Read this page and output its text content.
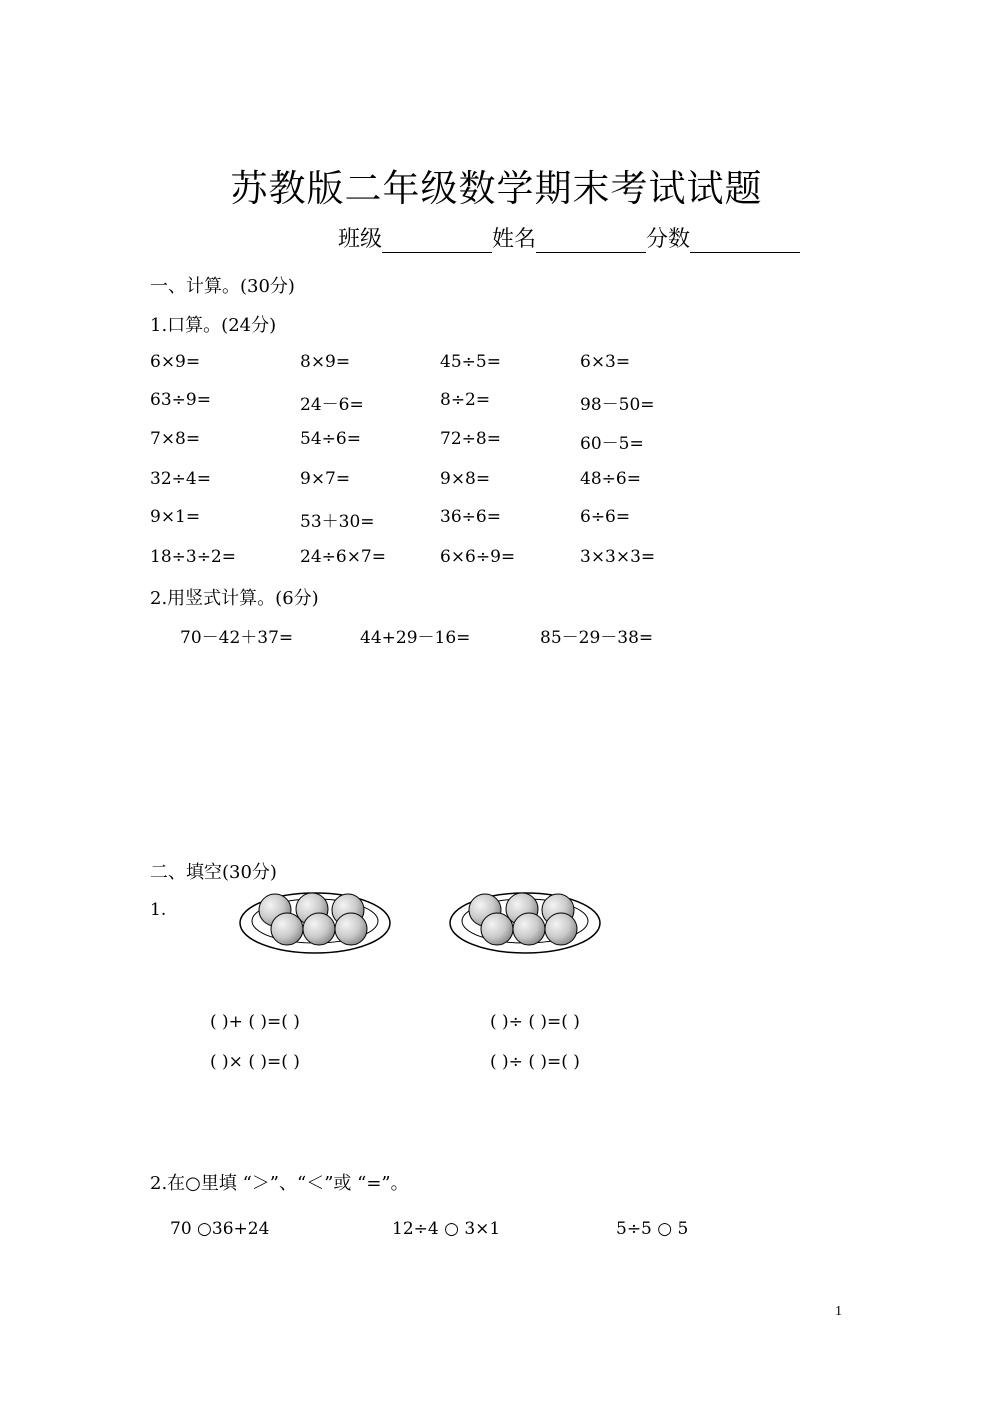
苏教版二年级数学期末考试试题
班级	姓名	分数
一、计算。(30分)
1.口算。(24分)
6×9=	8×9=	45÷5=	6×3=
63÷9=	24－6=	8÷2=	98－50=
7×8=	54÷6=	72÷8=	60－5=
32÷4=	9×7=	9×8=	48÷6=
9×1=	53＋30=	36÷6=	6÷6=
18÷3÷2=	24÷6×7=	6×6÷9=	3×3×3=
2.用竖式计算。(6分)
70－42＋37=	44+29－16=	85－29－38=
二、填空(30分)
1.
( )+ ( )=( )	( )÷ ( )=( )
( )× ( )=( )	( )÷ ( )=( )
2.在○里填 “＞”、“＜”或 “=”。
70 ○36+24	12÷4 ○ 3×1	5÷5 ○ 5
1
